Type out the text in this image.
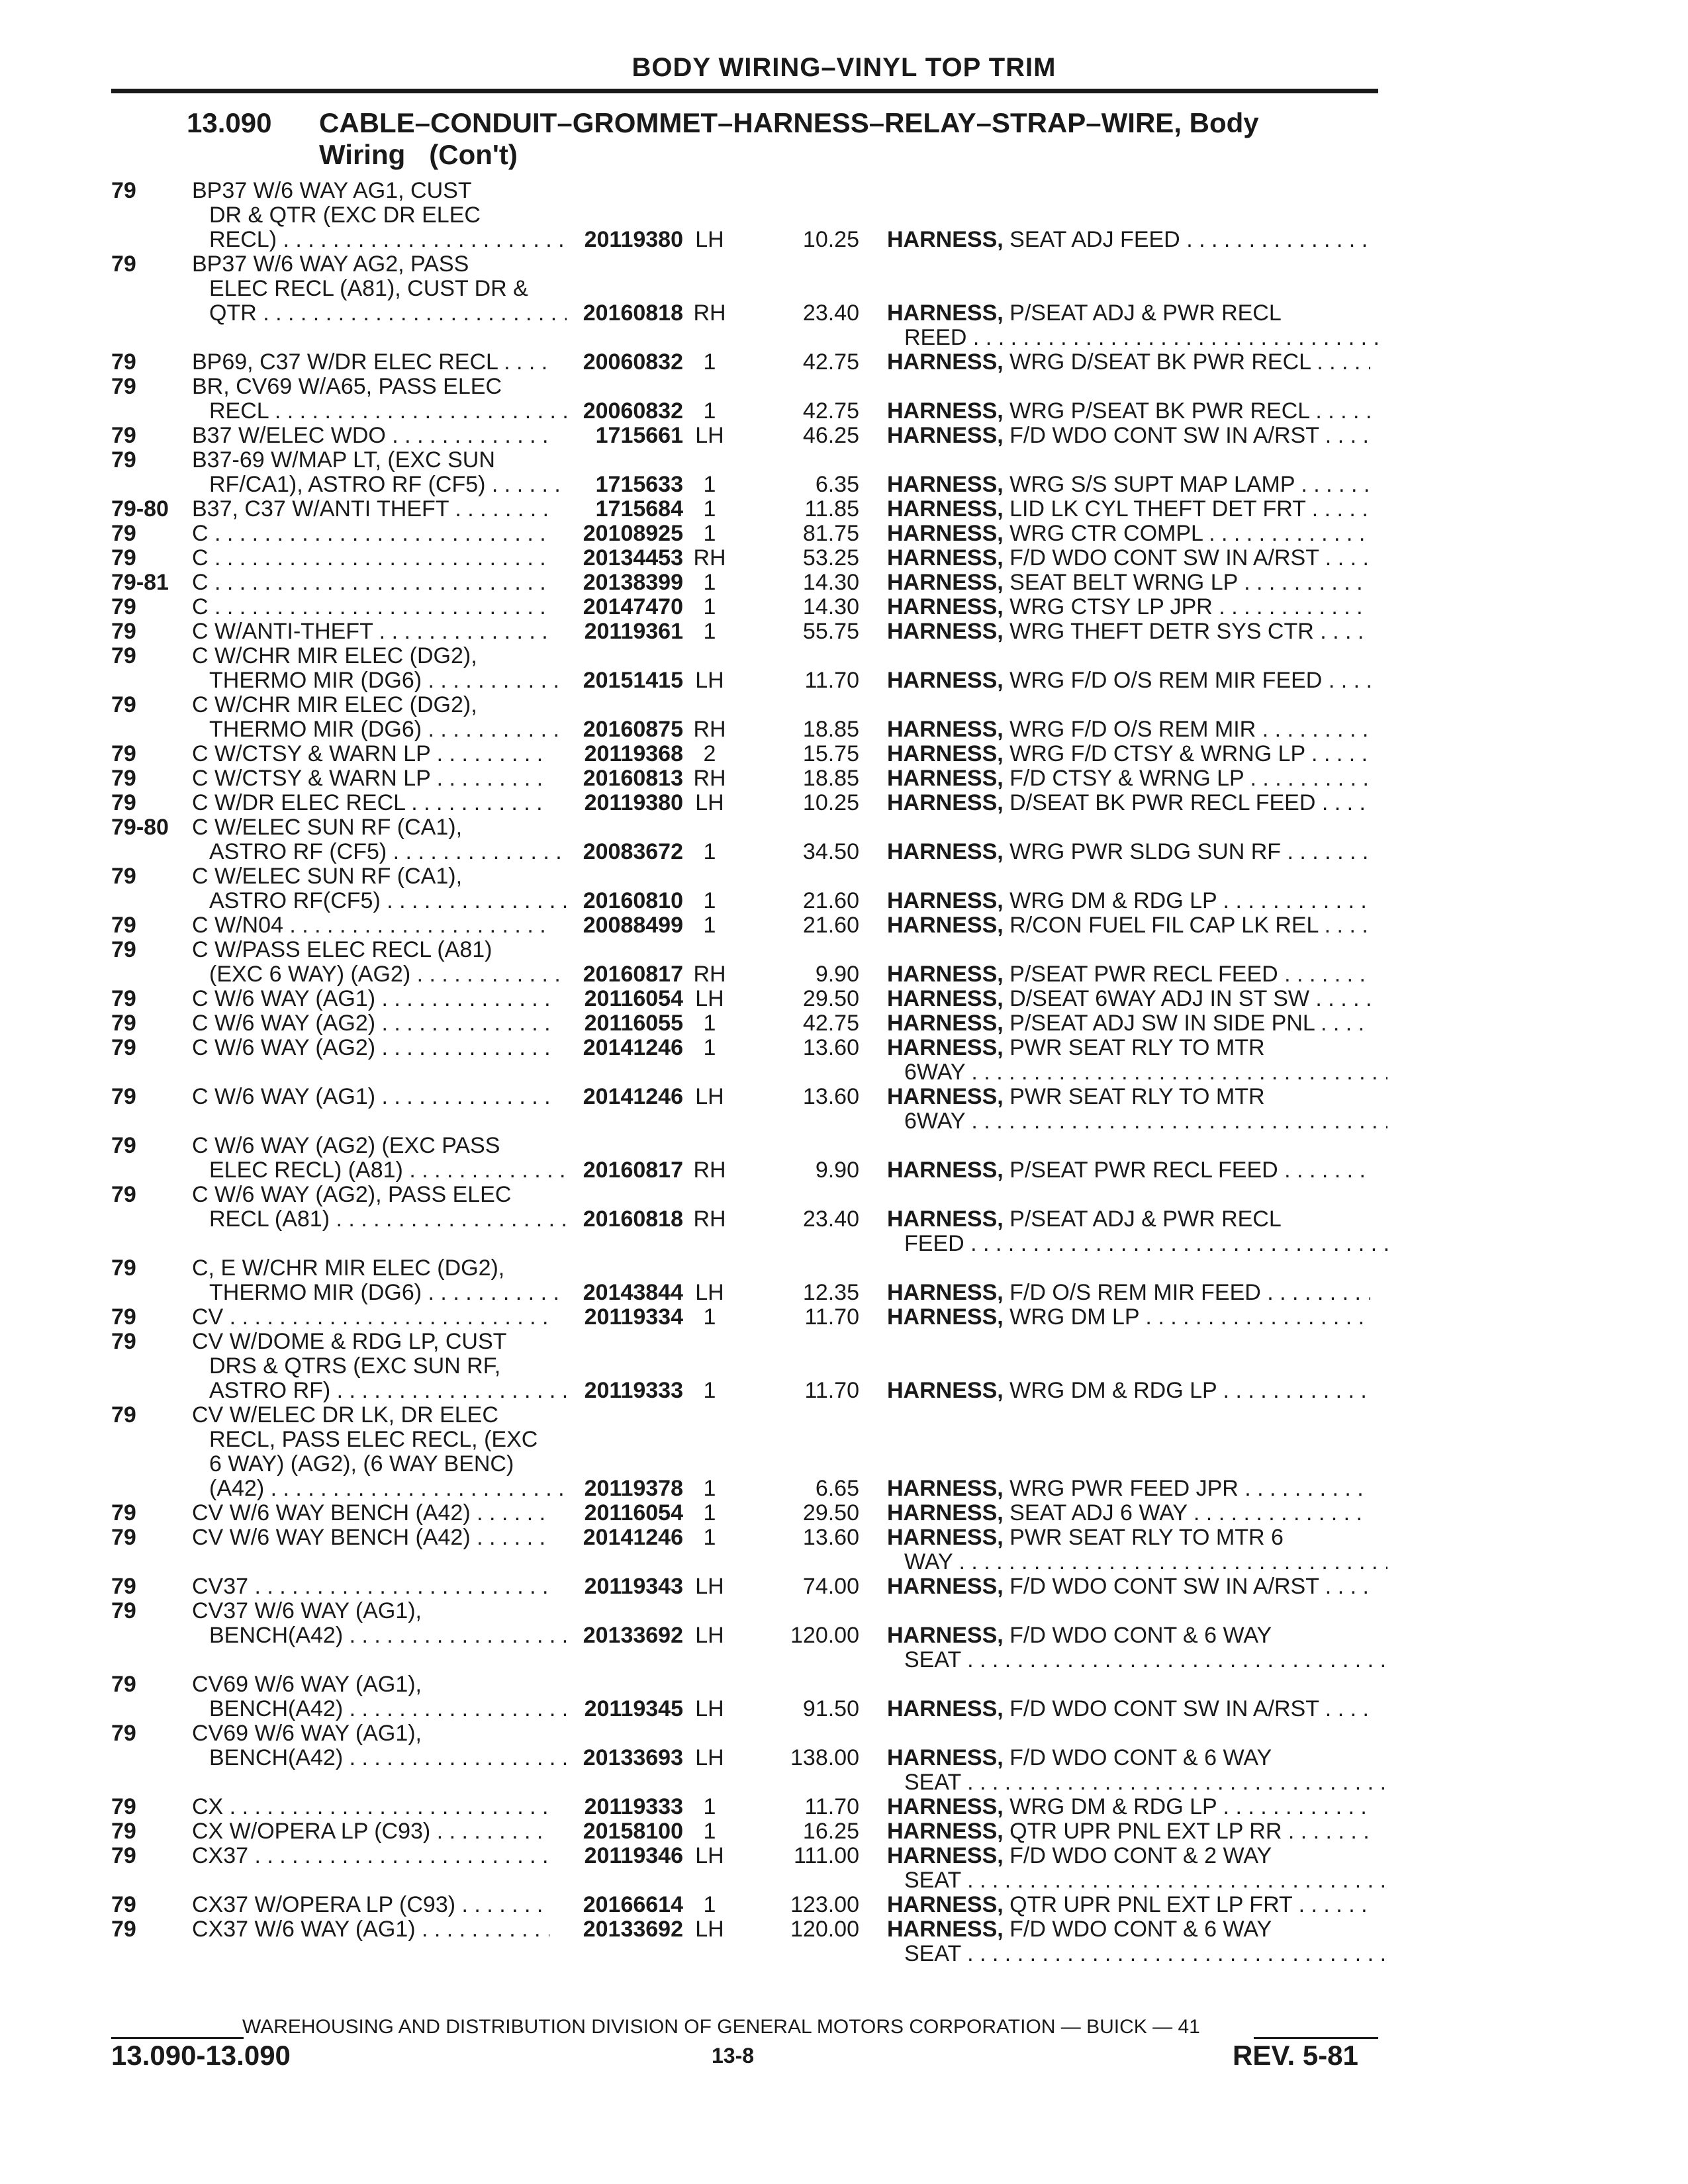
BODY WIRING–VINYL TOP TRIM
13.090 CABLE–CONDUIT–GROMMET–HARNESS–RELAY–STRAP–WIRE, Body
Wiring (Con't)
79	BP37 W/6 WAY AG1, CUST
DR & QTR (EXC DR ELEC
RECL) . . .	20119380 LH	10.25 HARNESS, SEAT ADJ FEED . . .
79	BP37 W/6 WAY AG2, PASS
ELEC RECL (A81), CUST DR &
QTR . . .	20160818 RH	23.40 HARNESS, P/SEAT ADJ & PWR RECL
REED . . .
79	BP69, C37 W/DR ELEC RECL . . .	20060832 1	42.75 HARNESS, WRG D/SEAT BK PWR RECL . . .
79	BR, CV69 W/A65, PASS ELEC
RECL . . .	20060832 1	42.75 HARNESS, WRG P/SEAT BK PWR RECL . . .
79	B37 W/ELEC WDO . . .	1715661 LH	46.25 HARNESS, F/D WDO CONT SW IN A/RST . . .
79	B37-69 W/MAP LT, (EXC SUN
RF/CA1), ASTRO RF (CF5) . . .	1715633 1	6.35 HARNESS, WRG S/S SUPT MAP LAMP . . .
79-80	B37, C37 W/ANTI THEFT . . .	1715684 1	11.85 HARNESS, LID LK CYL THEFT DET FRT . . .
79	C . . .	20108925 1	81.75 HARNESS, WRG CTR COMPL . . .
79	C . . .	20134453 RH	53.25 HARNESS, F/D WDO CONT SW IN A/RST . . .
79-81	C . . .	20138399 1	14.30 HARNESS, SEAT BELT WRNG LP . . .
79	C . . .	20147470 1	14.30 HARNESS, WRG CTSY LP JPR . . .
79	C W/ANTI-THEFT . . .	20119361 1	55.75 HARNESS, WRG THEFT DETR SYS CTR . . .
79	C W/CHR MIR ELEC (DG2),
THERMO MIR (DG6) . . .	20151415 LH	11.70 HARNESS, WRG F/D O/S REM MIR FEED . . .
79	C W/CHR MIR ELEC (DG2),
THERMO MIR (DG6) . . .	20160875 RH	18.85 HARNESS, WRG F/D O/S REM MIR . . .
79	C W/CTSY & WARN LP . . .	20119368 2	15.75 HARNESS, WRG F/D CTSY & WRNG LP . . .
79	C W/CTSY & WARN LP . . .	20160813 RH	18.85 HARNESS, F/D CTSY & WRNG LP . . .
79	C W/DR ELEC RECL . . .	20119380 LH	10.25 HARNESS, D/SEAT BK PWR RECL FEED . . .
79-80	C W/ELEC SUN RF (CA1),
ASTRO RF (CF5) . . .	20083672 1	34.50 HARNESS, WRG PWR SLDG SUN RF . . .
79	C W/ELEC SUN RF (CA1),
ASTRO RF(CF5) . . .	20160810 1	21.60 HARNESS, WRG DM & RDG LP . . .
79	C W/N04 . . .	20088499 1	21.60 HARNESS, R/CON FUEL FIL CAP LK REL . . .
79	C W/PASS ELEC RECL (A81)
(EXC 6 WAY) (AG2) . . .	20160817 RH	9.90 HARNESS, P/SEAT PWR RECL FEED . . .
79	C W/6 WAY (AG1) . . .	20116054 LH	29.50 HARNESS, D/SEAT 6WAY ADJ IN ST SW . . .
79	C W/6 WAY (AG2) . . .	20116055 1	42.75 HARNESS, P/SEAT ADJ SW IN SIDE PNL . . .
79	C W/6 WAY (AG2) . . .	20141246 1	13.60 HARNESS, PWR SEAT RLY TO MTR
6WAY . . .
79	C W/6 WAY (AG1) . . .	20141246 LH	13.60 HARNESS, PWR SEAT RLY TO MTR
6WAY . . .
79	C W/6 WAY (AG2) (EXC PASS
ELEC RECL) (A81) . . .	20160817 RH	9.90 HARNESS, P/SEAT PWR RECL FEED . . .
79	C W/6 WAY (AG2), PASS ELEC
RECL (A81) . . .	20160818 RH	23.40 HARNESS, P/SEAT ADJ & PWR RECL
FEED . . .
79	C, E W/CHR MIR ELEC (DG2),
THERMO MIR (DG6) . . .	20143844 LH	12.35 HARNESS, F/D O/S REM MIR FEED . . .
79	CV . . .	20119334 1	11.70 HARNESS, WRG DM LP . . .
79	CV W/DOME & RDG LP, CUST
DRS & QTRS (EXC SUN RF,
ASTRO RF) . . .	20119333 1	11.70 HARNESS, WRG DM & RDG LP . . .
79	CV W/ELEC DR LK, DR ELEC
RECL, PASS ELEC RECL, (EXC
6 WAY) (AG2), (6 WAY BENC)
(A42) . . .	20119378 1	6.65 HARNESS, WRG PWR FEED JPR . . .
79	CV W/6 WAY BENCH (A42) . . .	20116054 1	29.50 HARNESS, SEAT ADJ 6 WAY . . .
79	CV W/6 WAY BENCH (A42) . . .	20141246 1	13.60 HARNESS, PWR SEAT RLY TO MTR 6
WAY . . .
79	CV37 . . .	20119343 LH	74.00 HARNESS, F/D WDO CONT SW IN A/RST . . .
79	CV37 W/6 WAY (AG1),
BENCH(A42) . . .	20133692 LH	120.00 HARNESS, F/D WDO CONT & 6 WAY
SEAT . . .
79	CV69 W/6 WAY (AG1),
BENCH(A42) . . .	20119345 LH	91.50 HARNESS, F/D WDO CONT SW IN A/RST . . .
79	CV69 W/6 WAY (AG1),
BENCH(A42) . . .	20133693 LH	138.00 HARNESS, F/D WDO CONT & 6 WAY
SEAT . . .
79	CX . . .	20119333 1	11.70 HARNESS, WRG DM & RDG LP . . .
79	CX W/OPERA LP (C93) . . .	20158100 1	16.25 HARNESS, QTR UPR PNL EXT LP RR . . .
79	CX37 . . .	20119346 LH	111.00 HARNESS, F/D WDO CONT & 2 WAY
SEAT . . .
79	CX37 W/OPERA LP (C93) . . .	20166614 1	123.00 HARNESS, QTR UPR PNL EXT LP FRT . . .
79	CX37 W/6 WAY (AG1) . . .	20133692 LH	120.00 HARNESS, F/D WDO CONT & 6 WAY
SEAT . . .
WAREHOUSING AND DISTRIBUTION DIVISION OF GENERAL MOTORS CORPORATION — BUICK — 41
13.090-13.090	13-8	REV. 5-81
